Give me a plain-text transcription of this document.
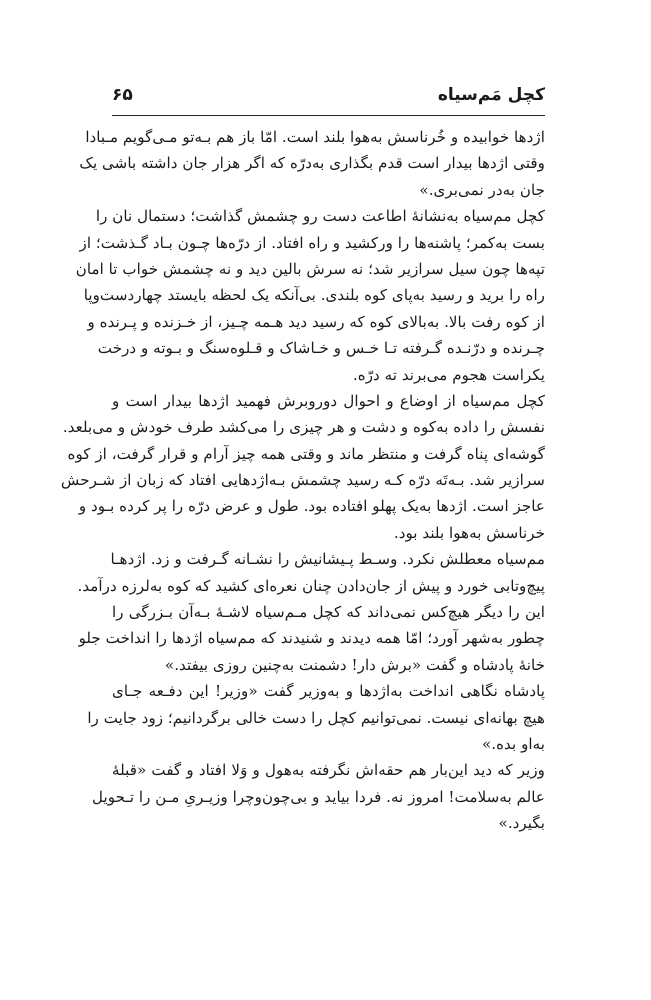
کچل مَم‌سیاه
۶۵
اژدها خوابیده و خُرناسش به‌هوا بلند است. امّا باز هم بـه‌تو مـی‌گویم مـبادا
وقتی اژدها بیدار است قدم بگذاری به‌درّه که اگر هزار جان داشته باشی یک
جان به‌در نمی‌بری.»
کچل مم‌سیاه به‌نشانهٔ اطاعت دست رو چشمش گذاشت؛ دستمال نان را
بست به‌کمر؛ پاشنه‌ها را ورکشید و راه افتاد. از درّه‌ها چـون بـاد گـذشت؛ از
تپه‌ها چون سیل سرازیر شد؛ نه سرش بالین دید و نه چشمش خواب تا امان
راه را برید و رسید به‌پای کوه بلندی. بی‌آنکه یک لحظه بایستد چهاردست‌وپا
از کوه رفت بالا. به‌بالای کوه که رسید دید هـمه چـیز، از خـزنده و پـرنده و
چـرنده و درّنـده گـرفته تـا خـس و خـاشاک و قـلوه‌سنگ و بـوته و درخت
یکراست هجوم می‌برند ته درّه.
کچل مم‌سیاه از اوضاع و احوال دوروبرش فهمید اژدها بیدار است و
نفسش را داده به‌کوه و دشت و هر چیزی را می‌کشد طرف خودش و می‌بلعد.
گوشه‌ای پناه گرفت و منتظر ماند و وقتی همه چیز آرام و قرار گرفت، از کوه
سرازیر شد. بـه‌تَه درّه کـه رسید چشمش بـه‌اژدهایی افتاد که زبان از شـرحش
عاجز است. اژدها به‌یک پهلو افتاده بود. طول و عرض درّه را پر کرده بـود و
خرناسش به‌هوا بلند بود.
مم‌سیاه معطلش نکرد. وسـط پـیشانیش را نشـانه گـرفت و زد. اژدهـا
پیچ‌وتابی خورد و پیش از جان‌دادن چنان نعره‌ای کشید که کوه به‌لرزه درآمد.
این را دیگر هیچ‌کس نمی‌داند که کچل مـم‌سیاه لاشـهٔ بـه‌آن بـزرگی را
چطور به‌شهر آورد؛ امّا همه دیدند و شنیدند که مم‌سیاه اژدها را انداخت جلو
خانهٔ پادشاه و گفت «برش دار! دشمنت به‌چنین روزی بیفتد.»
پادشاه نگاهی انداخت به‌اژدها و به‌وزیر گفت «وزیر! این دفـعه جـای
هیچ بهانه‌ای نیست. نمی‌توانیم کچل را دست خالی برگردانیم؛ زود جایت را
به‌او بده.»
وزیر که دید این‌بار هم حقه‌اش نگرفته به‌هول و وَلا افتاد و گفت «قبلهٔ
عالم به‌سلامت! امروز نه. فردا بیاید و بی‌چون‌وچرا وزیـریِ مـن را تـحویل
بگیرد.»
